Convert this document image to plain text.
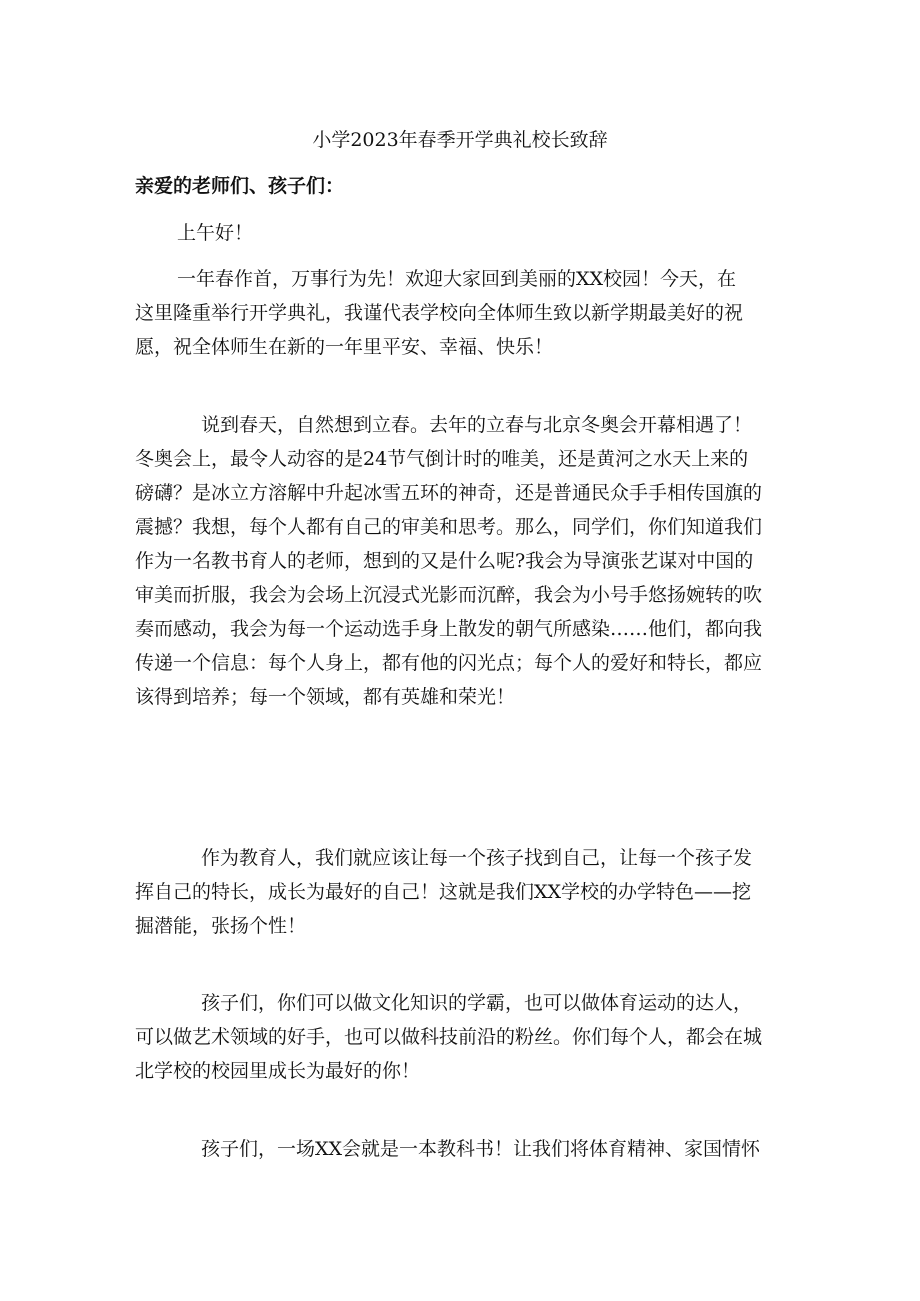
小学2023年春季开学典礼校长致辞

亲爱的老师们、孩子们：

上午好！

一年春作首，万事行为先！欢迎大家回到美丽的XX校园！今天，在
这里隆重举行开学典礼，我谨代表学校向全体师生致以新学期最美好的祝
愿，祝全体师生在新的一年里平安、幸福、快乐！

说到春天，自然想到立春。去年的立春与北京冬奥会开幕相遇了！
冬奥会上，最令人动容的是24节气倒计时的唯美，还是黄河之水天上来的
磅礴？是冰立方溶解中升起冰雪五环的神奇，还是普通民众手手相传国旗的
震撼？我想，每个人都有自己的审美和思考。那么，同学们，你们知道我们
作为一名教书育人的老师，想到的又是什么呢?我会为导演张艺谋对中国的
审美而折服，我会为会场上沉浸式光影而沉醉，我会为小号手悠扬婉转的吹
奏而感动，我会为每一个运动选手身上散发的朝气所感染……他们，都向我
传递一个信息：每个人身上，都有他的闪光点；每个人的爱好和特长，都应
该得到培养；每一个领域，都有英雄和荣光！

作为教育人，我们就应该让每一个孩子找到自己，让每一个孩子发
挥自己的特长，成长为最好的自己！这就是我们XX学校的办学特色——挖
掘潜能，张扬个性！

孩子们，你们可以做文化知识的学霸，也可以做体育运动的达人，
可以做艺术领域的好手，也可以做科技前沿的粉丝。你们每个人，都会在城
北学校的校园里成长为最好的你！

孩子们，一场XX会就是一本教科书！让我们将体育精神、家国情怀
